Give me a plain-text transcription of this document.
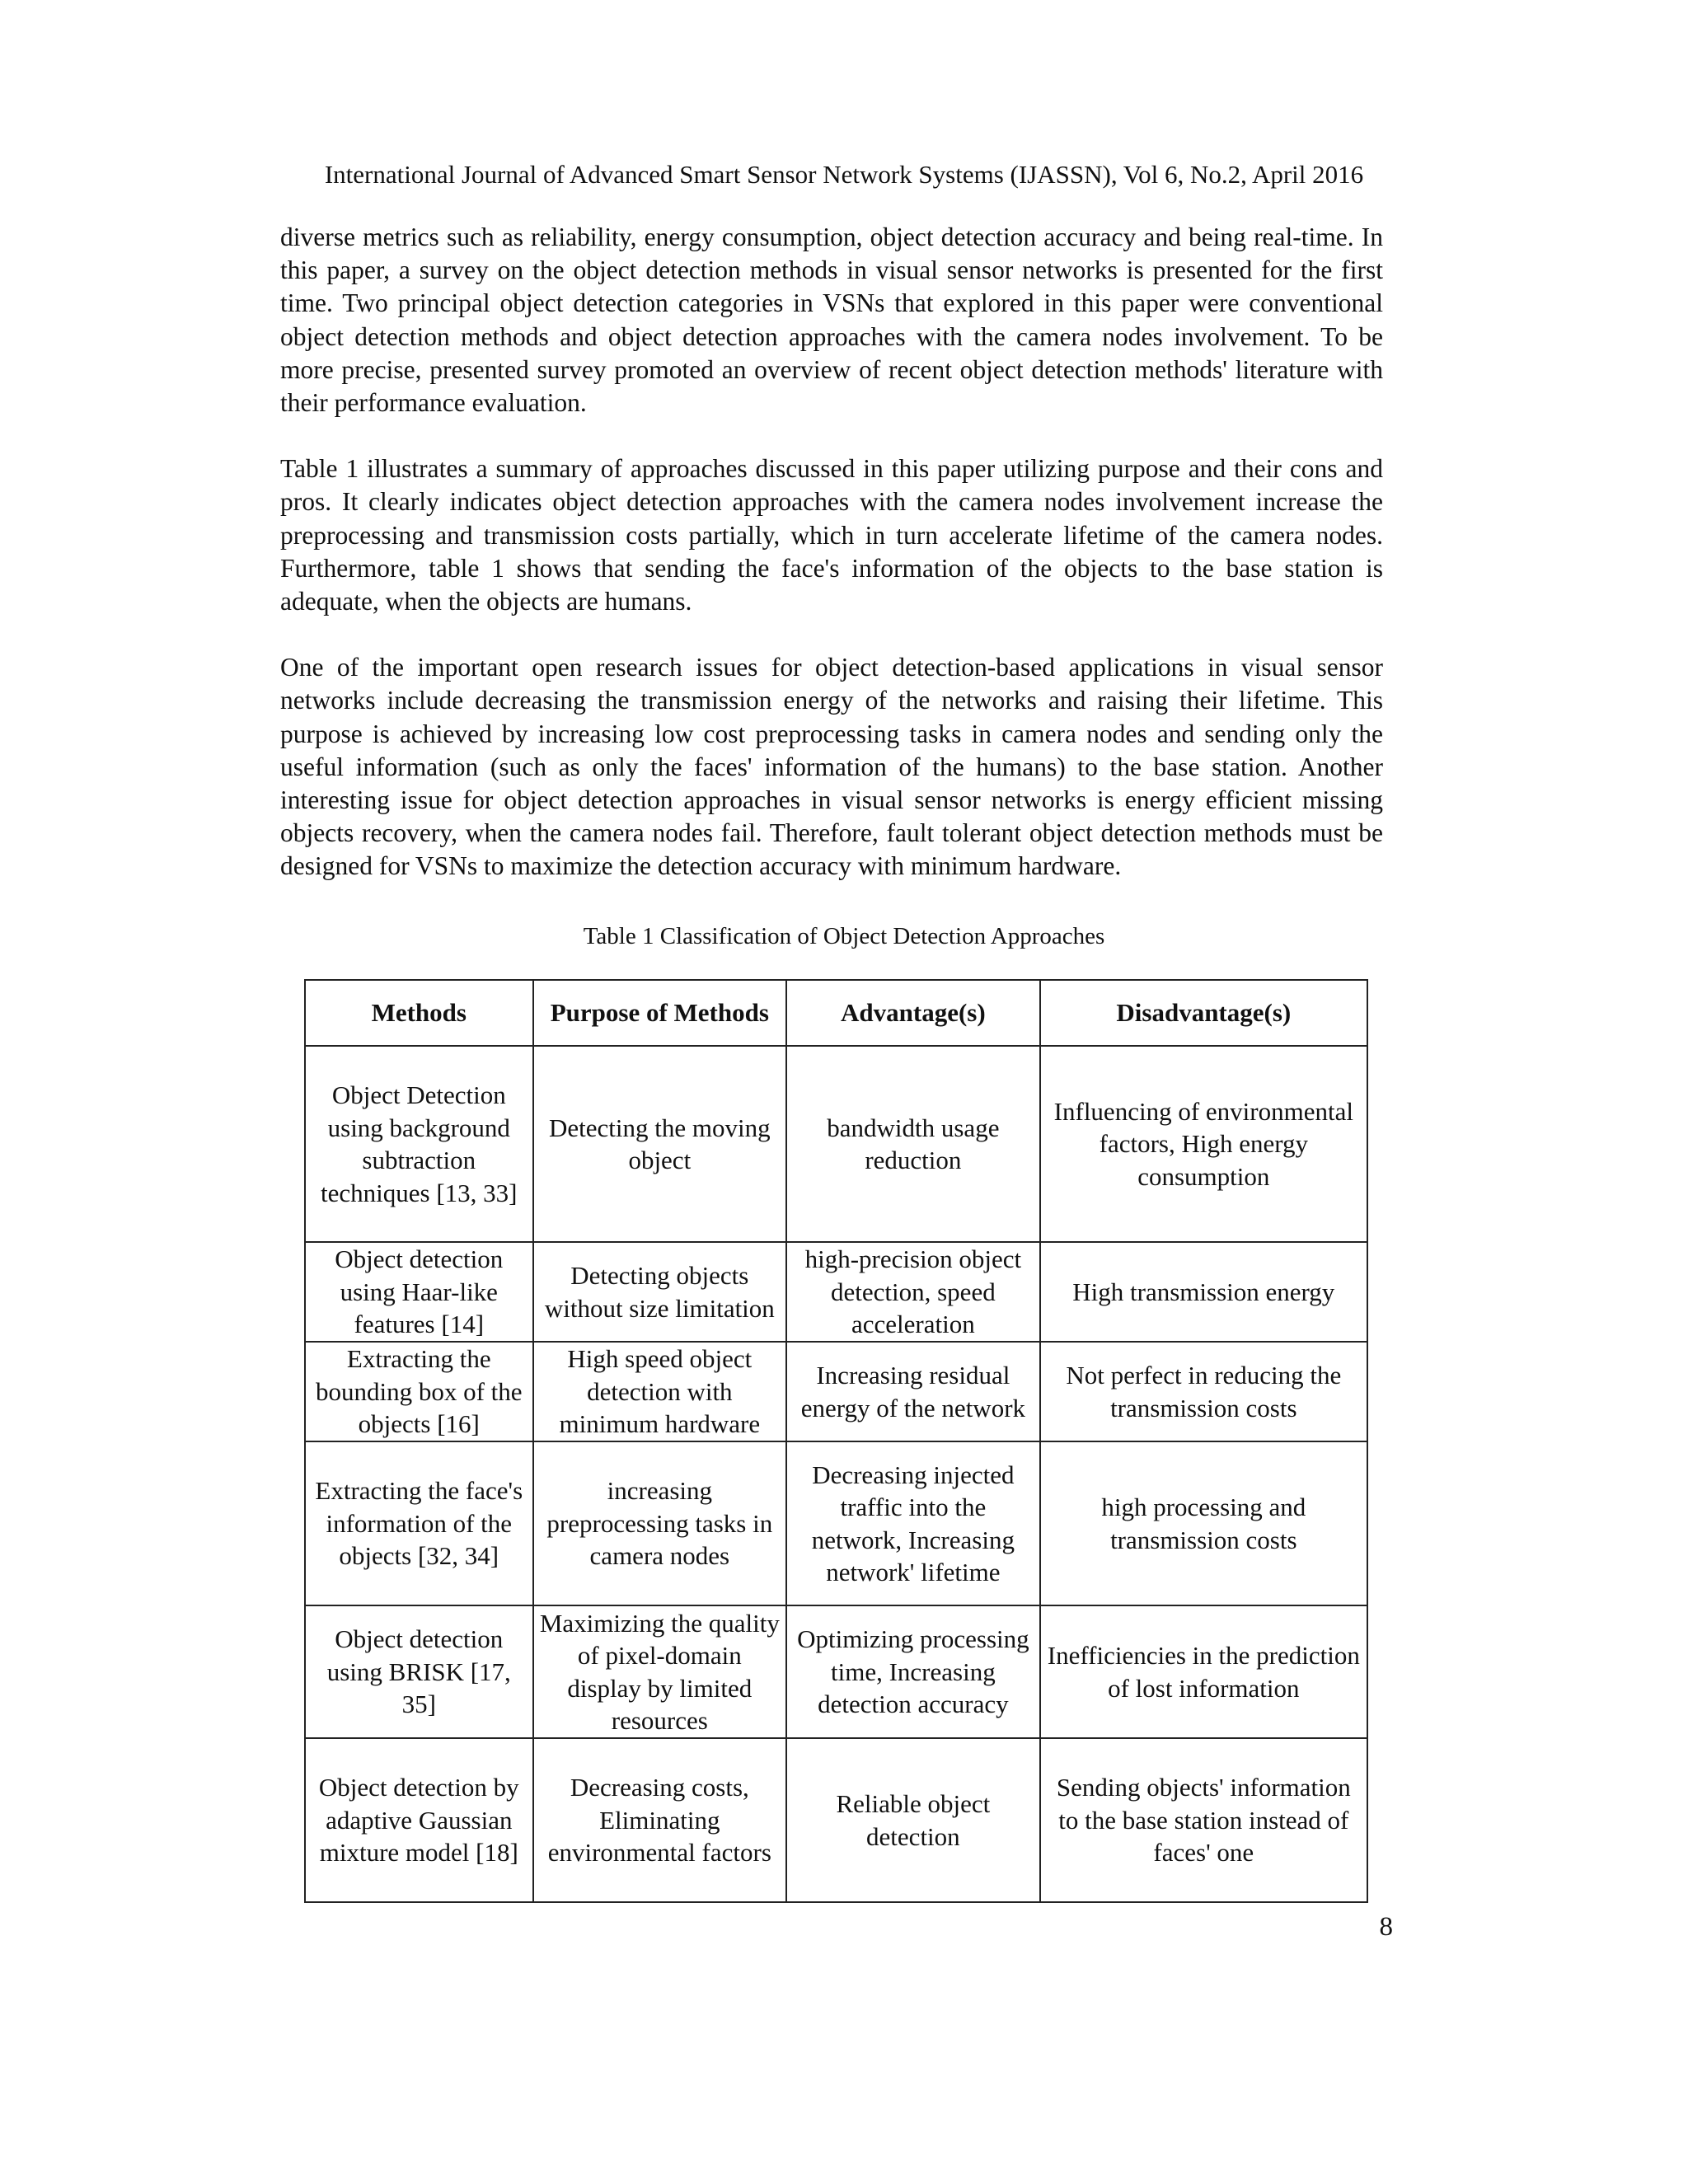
International Journal of Advanced Smart Sensor Network Systems (IJASSN), Vol 6, No.2, April 2016

diverse metrics such as reliability, energy consumption, object detection accuracy and being real-time. In this paper, a survey on the object detection methods in visual sensor networks is presented for the first time. Two principal object detection categories in VSNs that explored in this paper were conventional object detection methods and object detection approaches with the camera nodes involvement. To be more precise, presented survey promoted an overview of recent object detection methods' literature with their performance evaluation.

Table 1 illustrates a summary of approaches discussed in this paper utilizing purpose and their cons and pros. It clearly indicates object detection approaches with the camera nodes involvement increase the preprocessing and transmission costs partially, which in turn accelerate lifetime of the camera nodes. Furthermore, table 1 shows that sending the face's information of the objects to the base station is adequate, when the objects are humans.

One of the important open research issues for object detection-based applications in visual sensor networks include decreasing the transmission energy of the networks and raising their lifetime. This purpose is achieved by increasing low cost preprocessing tasks in camera nodes and sending only the useful information (such as only the faces' information of the humans) to the base station. Another interesting issue for object detection approaches in visual sensor networks is energy efficient missing objects recovery, when the camera nodes fail. Therefore, fault tolerant object detection methods must be designed for VSNs to maximize the detection accuracy with minimum hardware.

Table 1 Classification of Object Detection Approaches
Methods	Purpose of Methods	Advantage(s)	Disadvantage(s)
Object Detection using background subtraction techniques [13, 33]	Detecting the moving object	bandwidth usage reduction	Influencing of environmental factors, High energy consumption
Object detection using Haar-like features [14]	Detecting objects without size limitation	high-precision object detection, speed acceleration	High transmission energy
Extracting the bounding box of the objects [16]	High speed object detection with minimum hardware	Increasing residual energy of the network	Not perfect in reducing the transmission costs
Extracting the face's information of the objects [32, 34]	increasing preprocessing tasks in camera nodes	Decreasing injected traffic into the network, Increasing network' lifetime	high processing and transmission costs
Object detection using BRISK [17, 35]	Maximizing the quality of pixel-domain display by limited resources	Optimizing processing time, Increasing detection accuracy	Inefficiencies in the prediction of lost information
Object detection by adaptive Gaussian mixture model [18]	Decreasing costs, Eliminating environmental factors	Reliable object detection	Sending objects' information to the base station instead of faces' one
8
